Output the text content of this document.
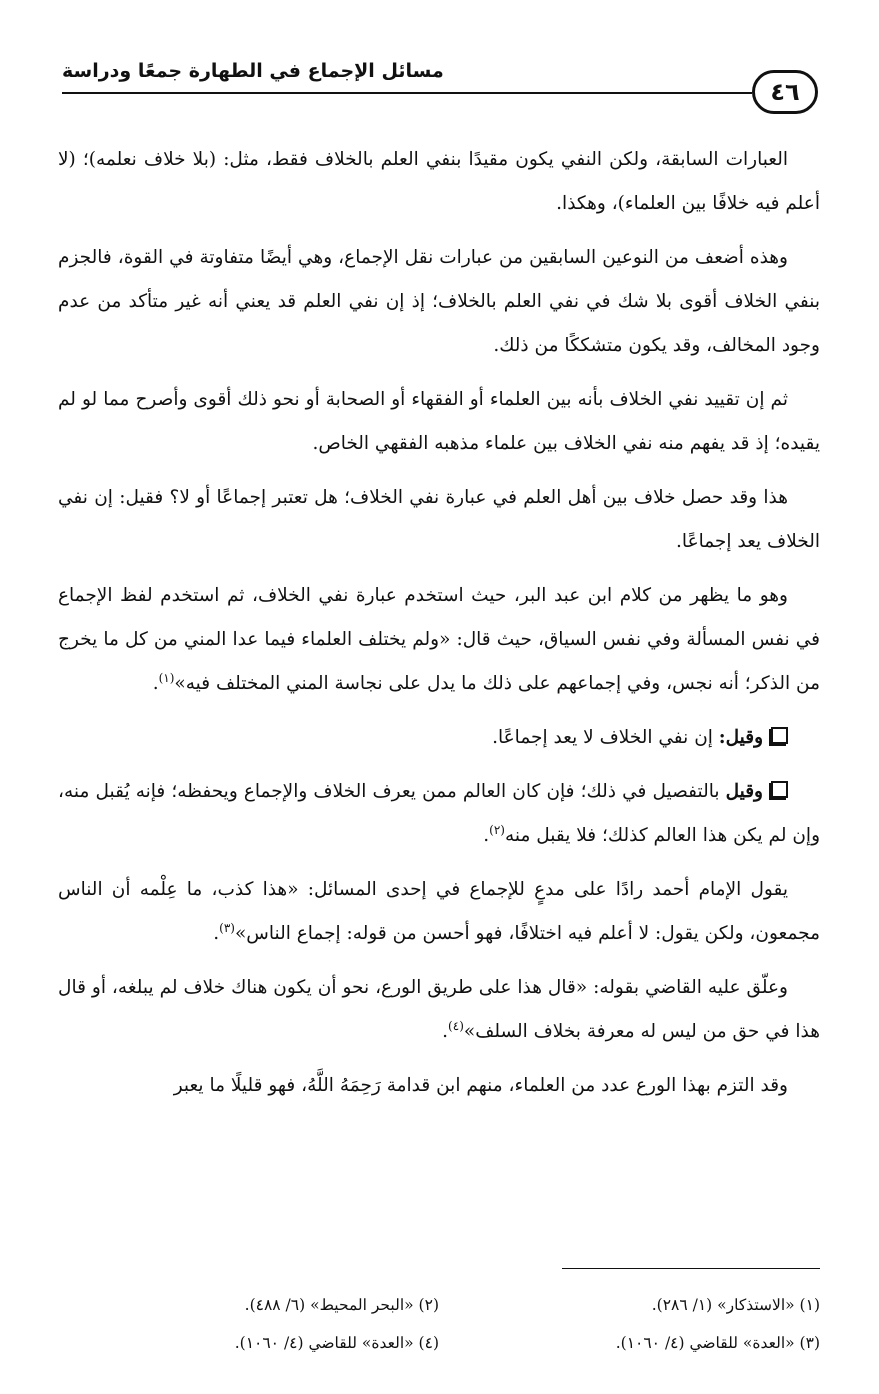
مسائل الإجماع في الطهارة جمعًا ودراسة
٤٦

العبارات السابقة، ولكن النفي يكون مقيدًا بنفي العلم بالخلاف فقط، مثل: (بلا خلاف نعلمه)؛ (لا أعلم فيه خلافًا بين العلماء)، وهكذا.

وهذه أضعف من النوعين السابقين من عبارات نقل الإجماع، وهي أيضًا متفاوتة في القوة، فالجزم بنفي الخلاف أقوى بلا شك في نفي العلم بالخلاف؛ إذ إن نفي العلم قد يعني أنه غير متأكد من عدم وجود المخالف، وقد يكون متشككًا من ذلك.

ثم إن تقييد نفي الخلاف بأنه بين العلماء أو الفقهاء أو الصحابة أو نحو ذلك أقوى وأصرح مما لو لم يقيده؛ إذ قد يفهم منه نفي الخلاف بين علماء مذهبه الفقهي الخاص.

هذا وقد حصل خلاف بين أهل العلم في عبارة نفي الخلاف؛ هل تعتبر إجماعًا أو لا؟ فقيل: إن نفي الخلاف يعد إجماعًا.

وهو ما يظهر من كلام ابن عبد البر، حيث استخدم عبارة نفي الخلاف، ثم استخدم لفظ الإجماع في نفس المسألة وفي نفس السياق، حيث قال: «ولم يختلف العلماء فيما عدا المني من كل ما يخرج من الذكر؛ أنه نجس، وفي إجماعهم على ذلك ما يدل على نجاسة المني المختلف فيه»$^{(١)}$.

وقيل: إن نفي الخلاف لا يعد إجماعًا.

وقيل بالتفصيل في ذلك؛ فإن كان العالم ممن يعرف الخلاف والإجماع ويحفظه؛ فإنه يُقبل منه، وإن لم يكن هذا العالم كذلك؛ فلا يقبل منه$^{(٢)}$.

يقول الإمام أحمد رادًا على مدعٍ للإجماع في إحدى المسائل: «هذا كذب، ما عِلْمه أن الناس مجمعون، ولكن يقول: لا أعلم فيه اختلافًا، فهو أحسن من قوله: إجماع الناس»$^{(٣)}$.

وعلّق عليه القاضي بقوله: «قال هذا على طريق الورع، نحو أن يكون هناك خلاف لم يبلغه، أو قال هذا في حق من ليس له معرفة بخلاف السلف»$^{(٤)}$.

وقد التزم بهذا الورع عدد من العلماء، منهم ابن قدامة رَحِمَهُ اللَّهُ، فهو قليلًا ما يعبر

(١) «الاستذكار» (١/ ٢٨٦).
(٢) «البحر المحيط» (٦/ ٤٨٨).
(٣) «العدة» للقاضي (٤/ ١٠٦٠).
(٤) «العدة» للقاضي (٤/ ١٠٦٠).
